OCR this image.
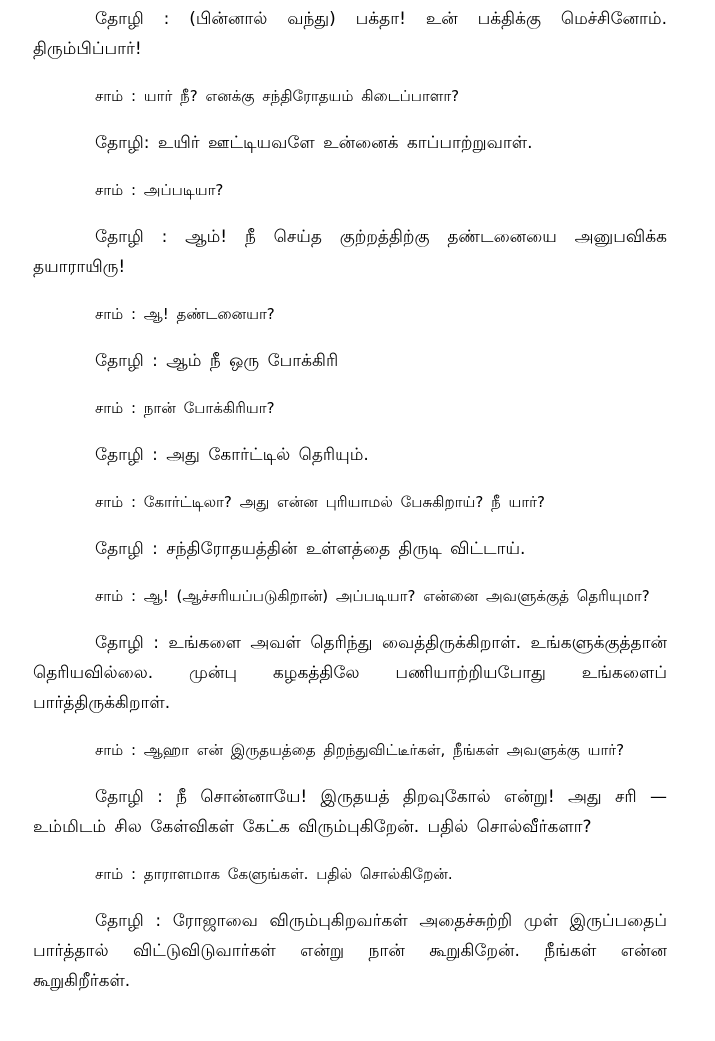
தோழி : (பின்னால் வந்து) பக்தா! உன் பக்திக்கு மெச்சினோம். திரும்பிப்பார்!

சாம் : யார் நீ? எனக்கு சந்திரோதயம் கிடைப்பாளா?

தோழி: உயிர் ஊட்டியவளே உன்னைக் காப்பாற்றுவாள்.

சாம் : அப்படியா?

தோழி : ஆம்! நீ செய்த குற்றத்திற்கு தண்டனையை அனுபவிக்க தயாராயிரு!

சாம் : ஆ! தண்டனையா?

தோழி : ஆம் நீ ஒரு போக்கிரி

சாம் : நான் போக்கிரியா?

தோழி : அது கோர்ட்டில் தெரியும்.

சாம் : கோர்ட்டிலா? அது என்ன புரியாமல் பேசுகிறாய்? நீ யார்?

தோழி : சந்திரோதயத்தின் உள்ளத்தை திருடி விட்டாய்.

சாம் : ஆ! (ஆச்சரியப்படுகிறான்) அப்படியா? என்னை அவளுக்குத் தெரியுமா?

தோழி : உங்களை அவள் தெரிந்து வைத்திருக்கிறாள். உங்களுக்குத்தான் தெரியவில்லை. முன்பு கழகத்திலே பணியாற்றியபோது உங்களைப் பார்த்திருக்கிறாள்.

சாம் : ஆஹா என் இருதயத்தை திறந்துவிட்டீர்கள், நீங்கள் அவளுக்கு யார்?

தோழி : நீ சொன்னாயே! இருதயத் திறவுகோல் என்று! அது சரி — உம்மிடம் சில கேள்விகள் கேட்க விரும்புகிறேன். பதில் சொல்வீர்களா?

சாம் : தாராளமாக கேளுங்கள். பதில் சொல்கிறேன்.

தோழி : ரோஜாவை விரும்புகிறவர்கள் அதைச்சுற்றி முள் இருப்பதைப் பார்த்தால் விட்டுவிடுவார்கள் என்று நான் கூறுகிறேன். நீங்கள் என்ன கூறுகிறீர்கள்.
